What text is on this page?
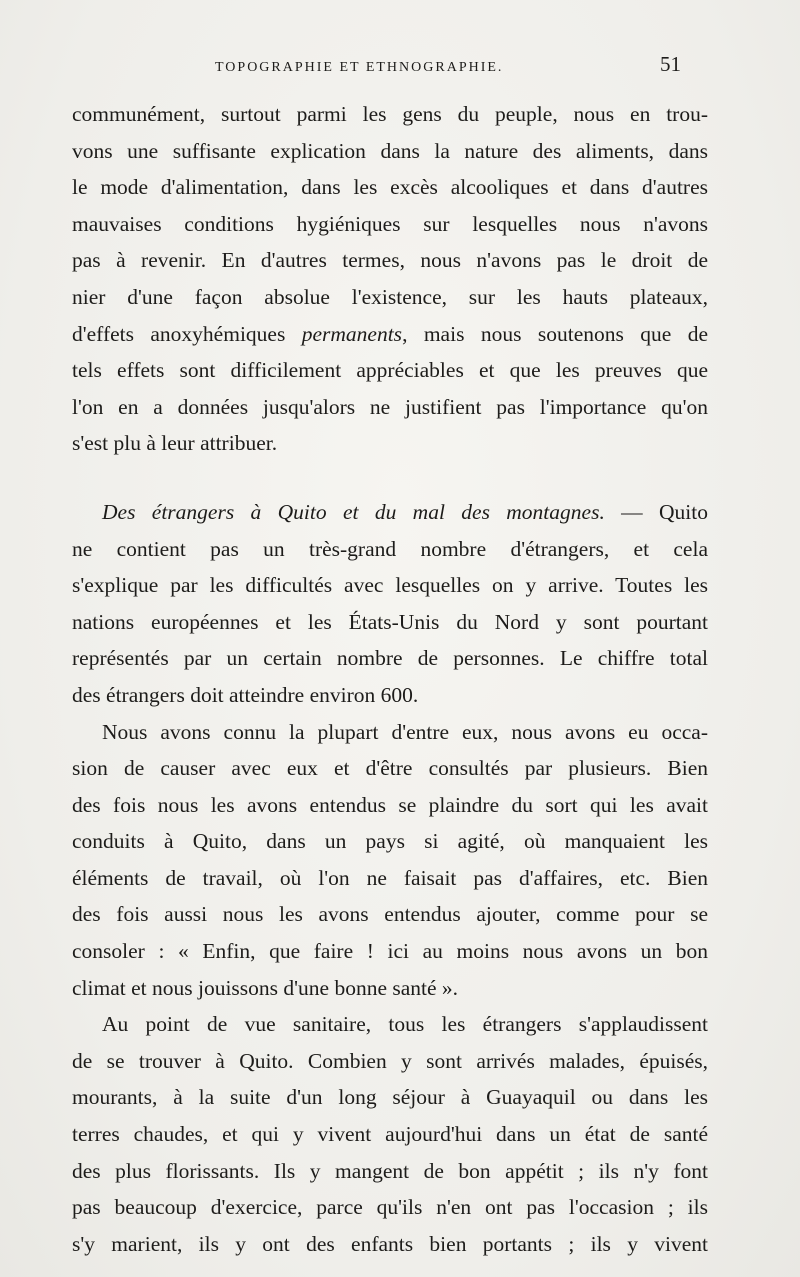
TOPOGRAPHIE ET ETHNOGRAPHIE.	51
communément, surtout parmi les gens du peuple, nous en trou-
vons une suffisante explication dans la nature des aliments, dans
le mode d'alimentation, dans les excès alcooliques et dans d'autres
mauvaises conditions hygiéniques sur lesquelles nous n'avons
pas à revenir. En d'autres termes, nous n'avons pas le droit de
nier d'une façon absolue l'existence, sur les hauts plateaux,
d'effets anoxyhémiques permanents, mais nous soutenons que de
tels effets sont difficilement appréciables et que les preuves que
l'on en a données jusqu'alors ne justifient pas l'importance qu'on
s'est plu à leur attribuer.
Des étrangers à Quito et du mal des montagnes. — Quito
ne contient pas un très-grand nombre d'étrangers, et cela
s'explique par les difficultés avec lesquelles on y arrive. Toutes les
nations européennes et les États-Unis du Nord y sont pourtant
représentés par un certain nombre de personnes. Le chiffre total
des étrangers doit atteindre environ 600.
Nous avons connu la plupart d'entre eux, nous avons eu occa-
sion de causer avec eux et d'être consultés par plusieurs. Bien
des fois nous les avons entendus se plaindre du sort qui les avait
conduits à Quito, dans un pays si agité, où manquaient les
éléments de travail, où l'on ne faisait pas d'affaires, etc. Bien
des fois aussi nous les avons entendus ajouter, comme pour se
consoler : « Enfin, que faire ! ici au moins nous avons un bon
climat et nous jouissons d'une bonne santé ».
Au point de vue sanitaire, tous les étrangers s'applaudissent
de se trouver à Quito. Combien y sont arrivés malades, épuisés,
mourants, à la suite d'un long séjour à Guayaquil ou dans les
terres chaudes, et qui y vivent aujourd'hui dans un état de santé
des plus florissants. Ils y mangent de bon appétit ; ils n'y font
pas beaucoup d'exercice, parce qu'ils n'en ont pas l'occasion ; ils
s'y marient, ils y ont des enfants bien portants ; ils y vivent
